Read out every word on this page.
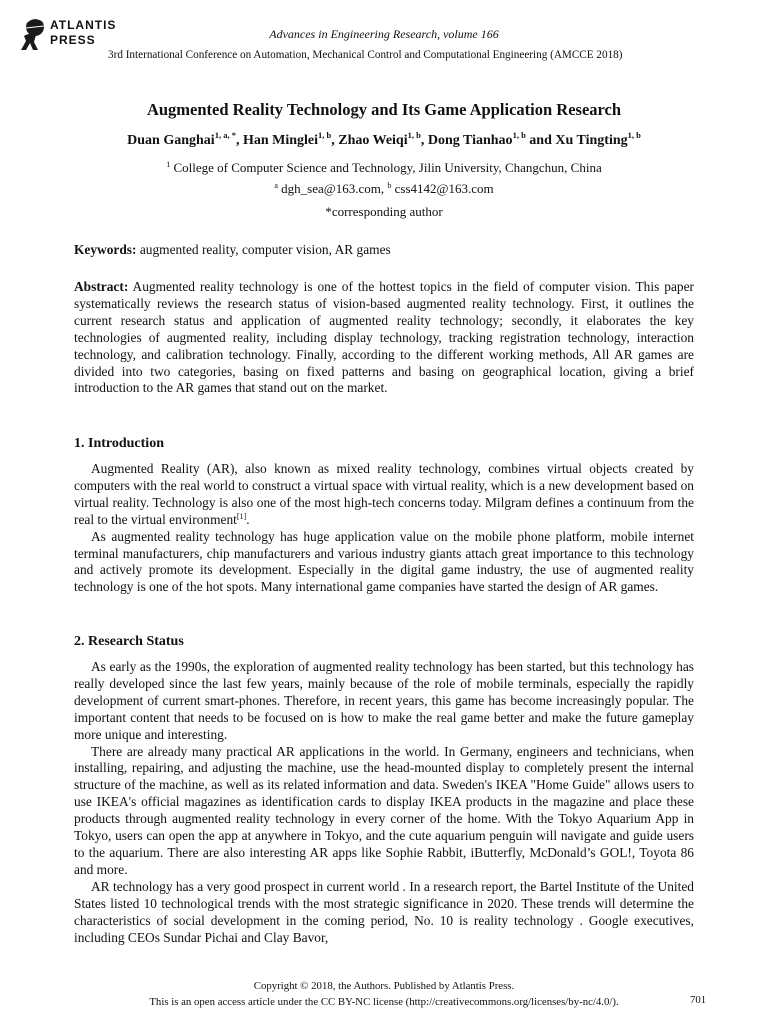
ATLANTIS
PRESS	Advances in Engineering Research, volume 166
3rd International Conference on Automation, Mechanical Control and Computational Engineering (AMCCE 2018)
Augmented Reality Technology and Its Game Application Research
Duan Ganghai$^{1, a, *}$, Han Minglei$^{1, b}$, Zhao Weiqi$^{1, b}$, Dong Tianhao$^{1, b}$ and Xu Tingting$^{1, b}$
$^1$ College of Computer Science and Technology, Jilin University, Changchun, China
$^a$ dgh_sea@163.com, $^b$ css4142@163.com
*corresponding author
Keywords: augmented reality, computer vision, AR games
Abstract: Augmented reality technology is one of the hottest topics in the field of computer vision. This paper systematically reviews the research status of vision-based augmented reality technology. First, it outlines the current research status and application of augmented reality technology; secondly, it elaborates the key technologies of augmented reality, including display technology, tracking registration technology, interaction technology, and calibration technology. Finally, according to the different working methods, All AR games are divided into two categories, basing on fixed patterns and basing on geographical location, giving a brief introduction to the AR games that stand out on the market.
1. Introduction

Augmented Reality (AR), also known as mixed reality technology, combines virtual objects created by computers with the real world to construct a virtual space with virtual reality, which is a new development based on virtual reality. Technology is also one of the most high-tech concerns today. Milgram defines a continuum from the real to the virtual environment[1].

As augmented reality technology has huge application value on the mobile phone platform, mobile internet terminal manufacturers, chip manufacturers and various industry giants attach great importance to this technology and actively promote its development. Especially in the digital game industry, the use of augmented reality technology is one of the hot spots. Many international game companies have started the design of AR games.

2. Research Status

As early as the 1990s, the exploration of augmented reality technology has been started, but this technology has really developed since the last few years, mainly because of the role of mobile terminals, especially the rapidly development of current smart-phones. Therefore, in recent years, this game has become increasingly popular. The important content that needs to be focused on is how to make the real game better and make the future gameplay more unique and interesting.

There are already many practical AR applications in the world. In Germany, engineers and technicians, when installing, repairing, and adjusting the machine, use the head-mounted display to completely present the internal structure of the machine, as well as its related information and data. Sweden's IKEA "Home Guide" allows users to use IKEA's official magazines as identification cards to display IKEA products in the magazine and place these products through augmented reality technology in every corner of the home. With the Tokyo Aquarium App in Tokyo, users can open the app at anywhere in Tokyo, and the cute aquarium penguin will navigate and guide users to the aquarium. There are also interesting AR apps like Sophie Rabbit, iButterfly, McDonald’s GOL!, Toyota 86 and more.

AR technology has a very good prospect in current world . In a research report, the Bartel Institute of the United States listed 10 technological trends with the most strategic significance in 2020. These trends will determine the characteristics of social development in the coming period, No. 10 is reality technology . Google executives, including CEOs Sundar Pichai and Clay Bavor,

Copyright © 2018, the Authors. Published by Atlantis Press.
This is an open access article under the CC BY-NC license (http://creativecommons.org/licenses/by-nc/4.0/).	701
